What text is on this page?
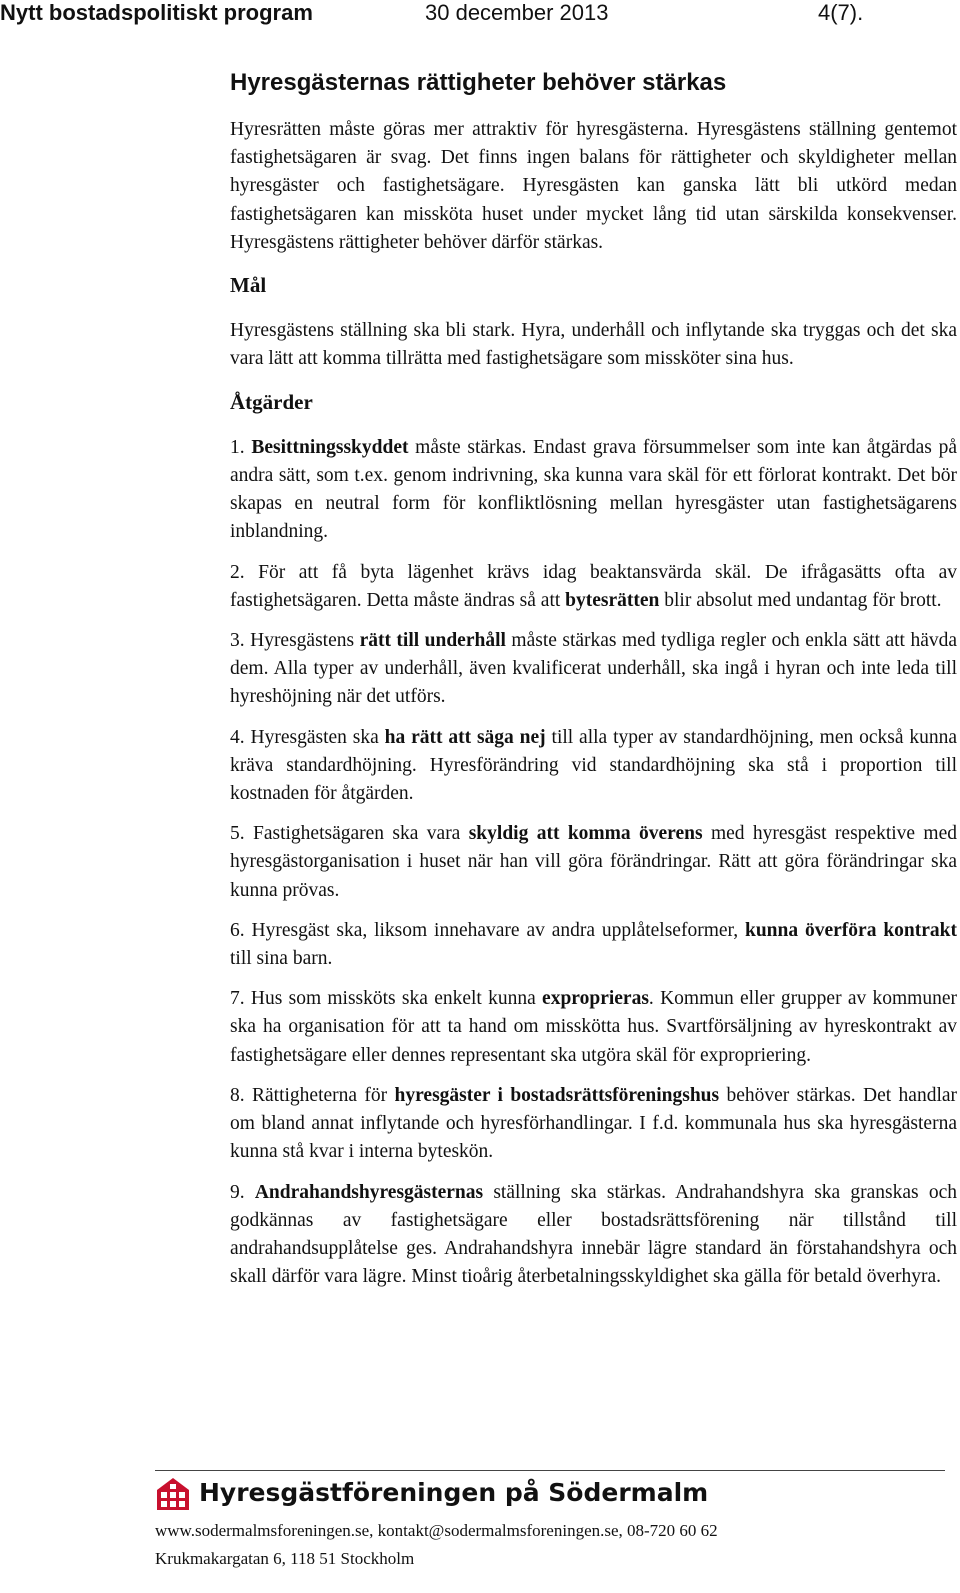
Nytt bostadspolitiskt program	30 december 2013	4(7).

Hyresgästernas rättigheter behöver stärkas

Hyresrätten måste göras mer attraktiv för hyresgästerna. Hyresgästens ställning gentemot fastighetsägaren är svag. Det finns ingen balans för rättigheter och skyldigheter mellan hyresgäster och fastighetsägare. Hyresgästen kan ganska lätt bli utkörd medan fastighetsägaren kan missköta huset under mycket lång tid utan särskilda konsekvenser. Hyresgästens rättigheter behöver därför stärkas.

Mål

Hyresgästens ställning ska bli stark. Hyra, underhåll och inflytande ska tryggas och det ska vara lätt att komma tillrätta med fastighetsägare som missköter sina hus.

Åtgärder

1. Besittningsskyddet måste stärkas. Endast grava försummelser som inte kan åtgärdas på andra sätt, som t.ex. genom indrivning, ska kunna vara skäl för ett förlorat kontrakt. Det bör skapas en neutral form för konfliktlösning mellan hyresgäster utan fastighetsägarens inblandning.

2. För att få byta lägenhet krävs idag beaktansvärda skäl. De ifrågasätts ofta av fastighetsägaren. Detta måste ändras så att bytesrätten blir absolut med undantag för brott.

3. Hyresgästens rätt till underhåll måste stärkas med tydliga regler och enkla sätt att hävda dem. Alla typer av underhåll, även kvalificerat underhåll, ska ingå i hyran och inte leda till hyreshöjning när det utförs.

4. Hyresgästen ska ha rätt att säga nej till alla typer av standardhöjning, men också kunna kräva standardhöjning. Hyresförändring vid standardhöjning ska stå i proportion till kostnaden för åtgärden.

5. Fastighetsägaren ska vara skyldig att komma överens med hyresgäst respektive med hyresgästorganisation i huset när han vill göra förändringar. Rätt att göra förändringar ska kunna prövas.

6. Hyresgäst ska, liksom innehavare av andra upplåtelseformer, kunna överföra kontrakt till sina barn.

7. Hus som missköts ska enkelt kunna exproprieras. Kommun eller grupper av kommuner ska ha organisation för att ta hand om misskötta hus. Svartförsäljning av hyreskontrakt av fastighetsägare eller dennes representant ska utgöra skäl för expropriering.

8. Rättigheterna för hyresgäster i bostadsrättsföreningshus behöver stärkas. Det handlar om bland annat inflytande och hyresförhandlingar. I f.d. kommunala hus ska hyresgästerna kunna stå kvar i interna byteskön.

9. Andrahandshyresgästernas ställning ska stärkas. Andrahandshyra ska granskas och godkännas av fastighetsägare eller bostadsrättsförening när tillstånd till andrahandsupplåtelse ges. Andrahandshyra innebär lägre standard än förstahandshyra och skall därför vara lägre. Minst tioårig återbetalningsskyldighet ska gälla för betald överhyra.

Hyresgästföreningen på Södermalm
www.sodermalmsforeningen.se, kontakt@sodermalmsforeningen.se, 08-720 60 62
Krukmakargatan 6, 118 51 Stockholm
